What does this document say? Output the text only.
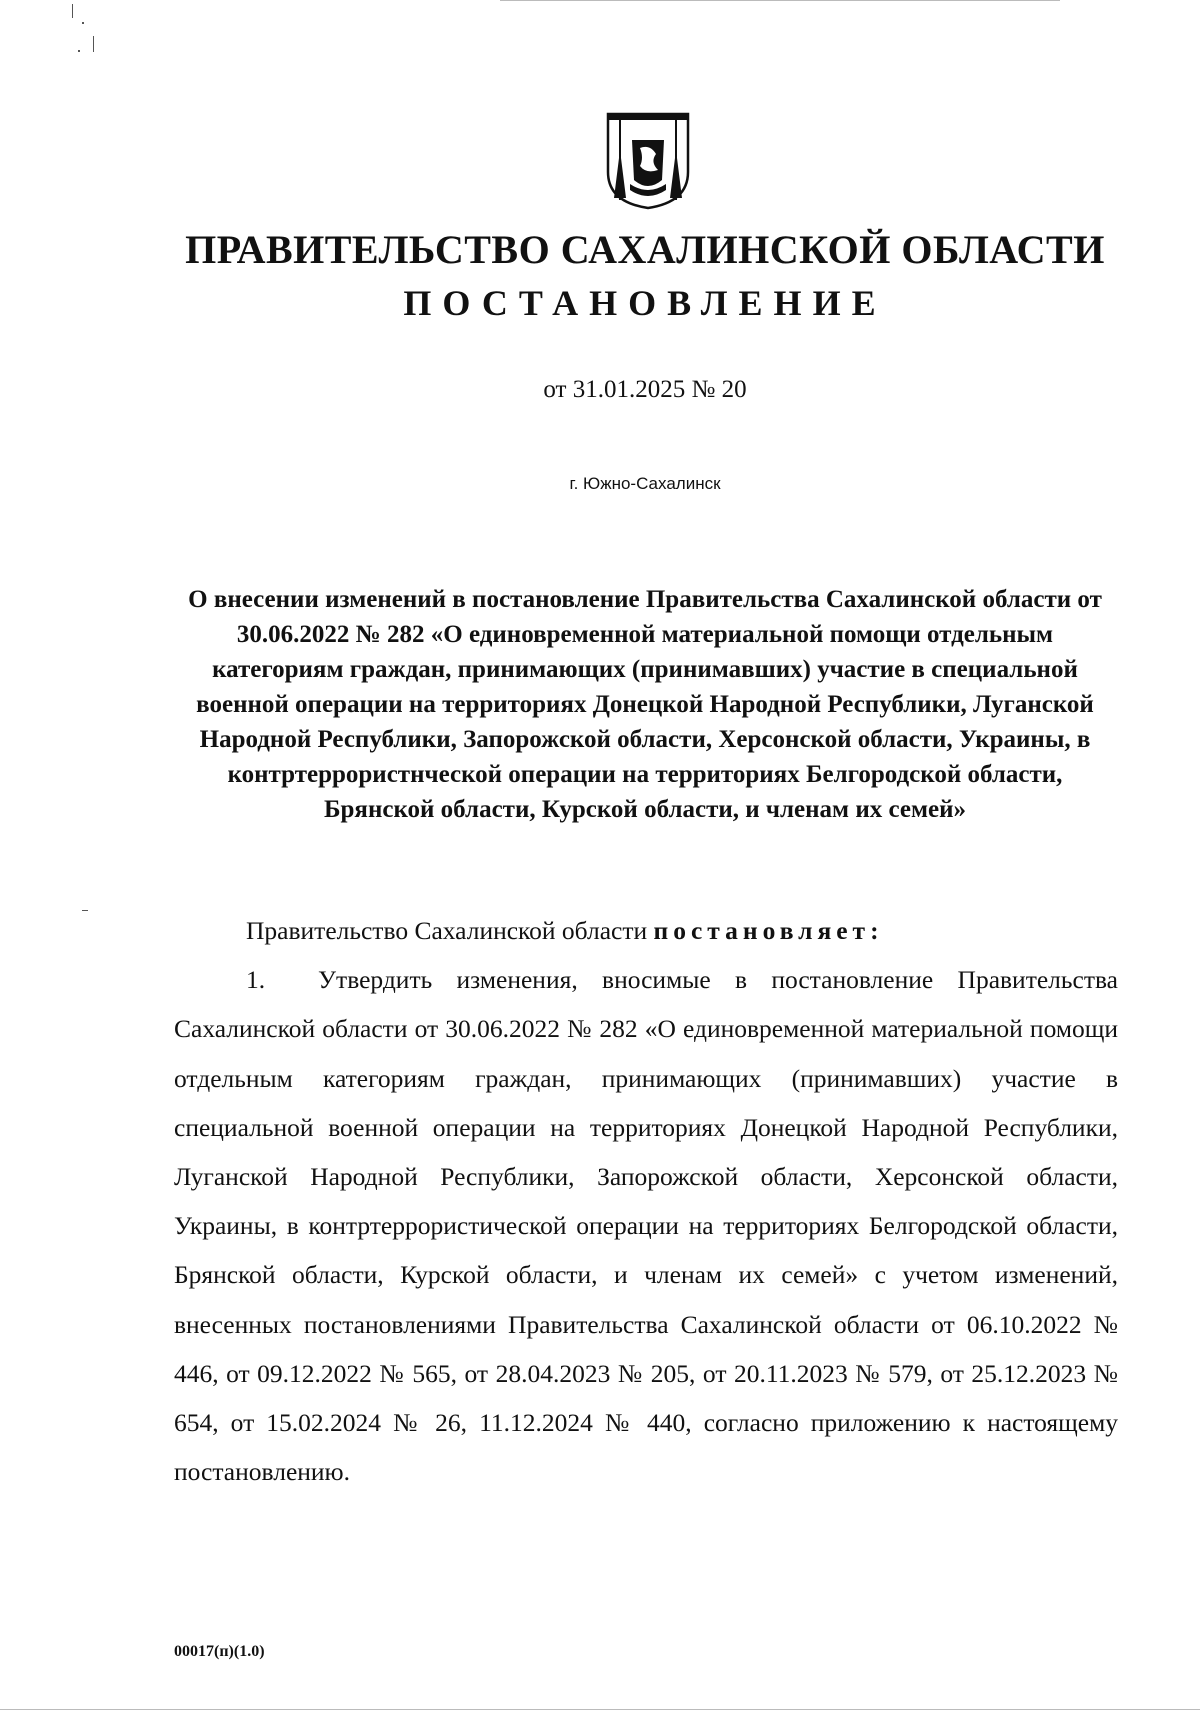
ПРАВИТЕЛЬСТВО САХАЛИНСКОЙ ОБЛАСТИ
ПОСТАНОВЛЕНИЕ
от 31.01.2025 № 20
г. Южно-Сахалинск
О внесении изменений в постановление Правительства Сахалинской области от 30.06.2022 № 282 «О единовременной материальной помощи отдельным категориям граждан, принимающих (принимавших) участие в специальной военной операции на территориях Донецкой Народной Республики, Луганской Народной Республики, Запорожской области, Херсонской области, Украины, в контртеррористнческой операции на территориях Белгородской области, Брянской области, Курской области, и членам их семей»

Правительство Сахалинской области постановляет:

1. Утвердить изменения, вносимые в постановление Правительства Сахалинской области от 30.06.2022 № 282 «О единовременной материальной помощи отдельным категориям граждан, принимающих (принимавших) участие в специальной военной операции на территориях Донецкой Народной Республики, Луганской Народной Республики, Запорожской области, Херсонской области, Украины, в контртеррористической операции на территориях Белгородской области, Брянской области, Курской области, и членам их семей» с учетом изменений, внесенных постановлениями Правительства Сахалинской области от 06.10.2022 № 446, от 09.12.2022 № 565, от 28.04.2023 № 205, от 20.11.2023 № 579, от 25.12.2023 № 654, от 15.02.2024 № 26, 11.12.2024 № 440, согласно приложению к настоящему постановлению.

00017(п)(1.0)
